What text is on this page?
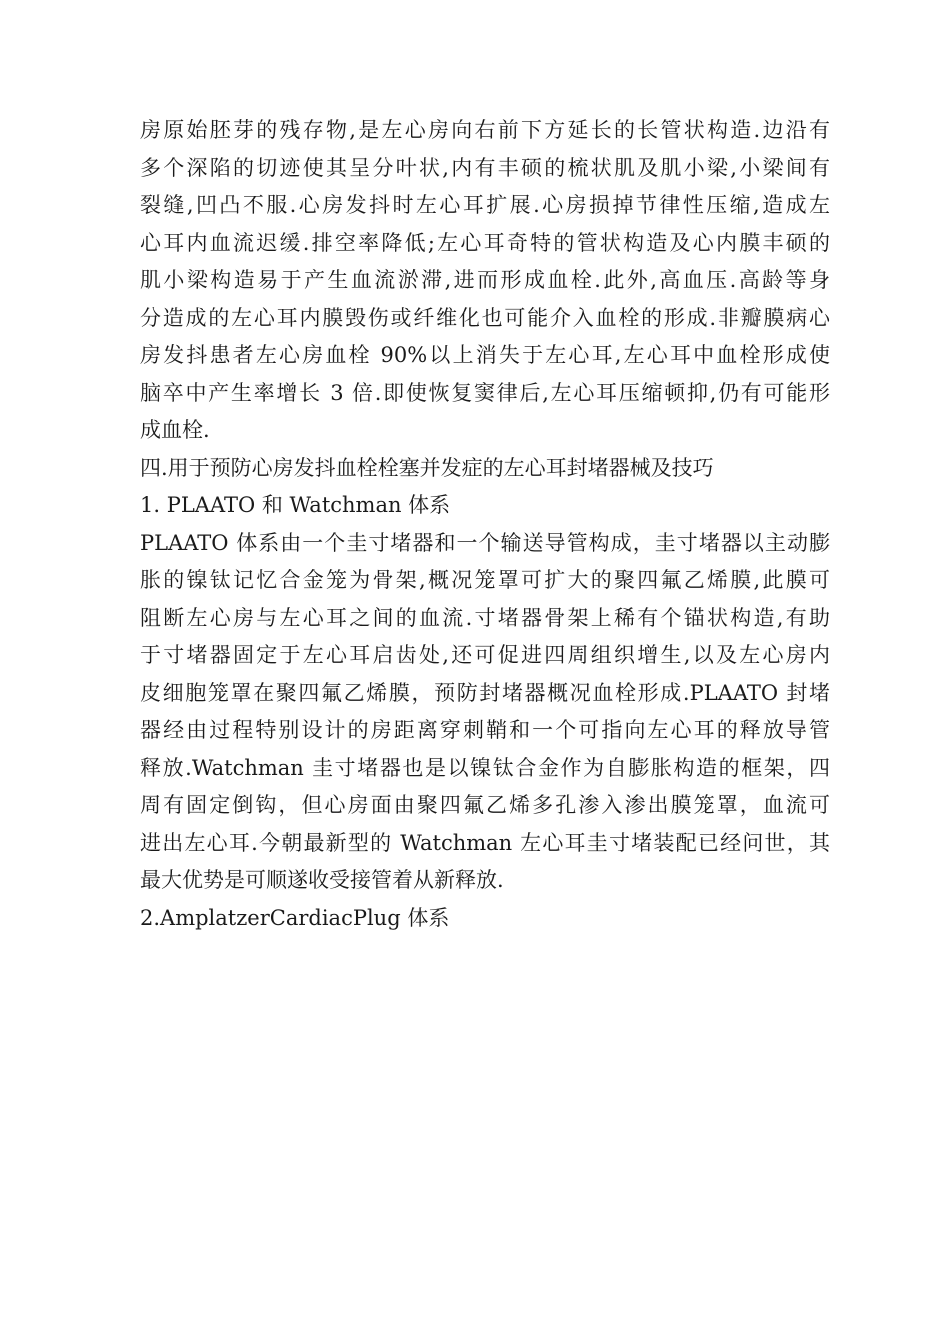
房原始胚芽的残存物,是左心房向右前下方延长的长管状构造.边沿有
多个深陷的切迹使其呈分叶状,内有丰硕的梳状肌及肌小梁,小梁间有
裂缝,凹凸不服.心房发抖时左心耳扩展.心房损掉节律性压缩,造成左
心耳内血流迟缓.排空率降低;左心耳奇特的管状构造及心内膜丰硕的
肌小梁构造易于产生血流淤滞,进而形成血栓.此外,高血压.高龄等身
分造成的左心耳内膜毁伤或纤维化也可能介入血栓的形成.非瓣膜病心
房发抖患者左心房血栓 90%以上消失于左心耳,左心耳中血栓形成使
脑卒中产生率增长 3 倍.即使恢复窦律后,左心耳压缩顿抑,仍有可能形
成血栓.
四.用于预防心房发抖血栓栓塞并发症的左心耳封堵器械及技巧
1. PLAATO 和 Watchman 体系
PLAATO 体系由一个圭寸堵器和一个输送导管构成，圭寸堵器以主动膨
胀的镍钛记忆合金笼为骨架,概况笼罩可扩大的聚四氟乙烯膜,此膜可
阻断左心房与左心耳之间的血流.寸堵器骨架上稀有个锚状构造,有助
于寸堵器固定于左心耳启齿处,还可促进四周组织增生,以及左心房内
皮细胞笼罩在聚四氟乙烯膜，预防封堵器概况血栓形成.PLAATO 封堵
器经由过程特别设计的房距离穿刺鞘和一个可指向左心耳的释放导管
释放.Watchman 圭寸堵器也是以镍钛合金作为自膨胀构造的框架，四
周有固定倒钩，但心房面由聚四氟乙烯多孔渗入渗出膜笼罩，血流可
进出左心耳.今朝最新型的 Watchman 左心耳圭寸堵装配已经问世，其
最大优势是可顺遂收受接管着从新释放.
2.AmplatzerCardiacPlug 体系
